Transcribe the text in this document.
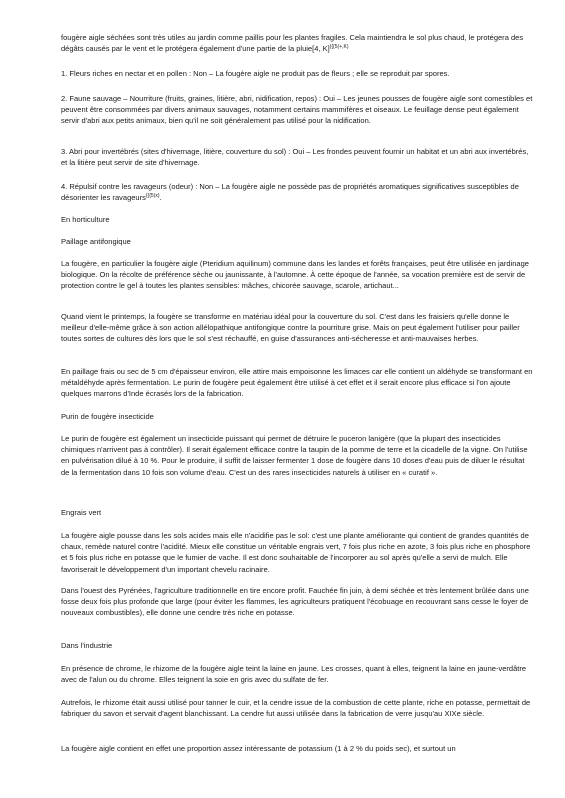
fougère aigle séchées sont très utiles au jardin comme paillis pour les plantes fragiles. Cela maintiendra le sol plus chaud, le protégera des dégâts causés par le vent et le protégera également d'une partie de la pluie[4, K]$^{\{\{\{5(+,K)}$

1. Fleurs riches en nectar et en pollen : Non – La fougère aigle ne produit pas de fleurs ; elle se reproduit par spores.

2. Faune sauvage – Nourriture (fruits, graines, litière, abri, nidification, repos) : Oui – Les jeunes pousses de fougère aigle sont comestibles et peuvent être consommées par divers animaux sauvages, notamment certains mammifères et oiseaux. Le feuillage dense peut également servir d'abri aux petits animaux, bien qu'il ne soit généralement pas utilisé pour la nidification.

3. Abri pour invertébrés (sites d'hivernage, litière, couverture du sol) : Oui – Les frondes peuvent fournir un habitat et un abri aux invertébrés, et la litière peut servir de site d'hivernage.

4. Répulsif contre les ravageurs (odeur) : Non – La fougère aigle ne possède pas de propriétés aromatiques significatives susceptibles de désorienter les ravageurs$^{\{\{\{5(x)}$.

En horticulture

Paillage antifongique

La fougère, en particulier la fougère aigle (Pteridium aquilinum) commune dans les landes et forêts françaises, peut être utilisée en jardinage biologique. On la récolte de préférence sèche ou jaunissante, à l'automne. À cette époque de l'année, sa vocation première est de servir de protection contre le gel à toutes les plantes sensibles: mâches, chicorée sauvage, scarole, artichaut...

Quand vient le printemps, la fougère se transforme en matériau idéal pour la couverture du sol. C'est dans les fraisiers qu'elle donne le meilleur d'elle-même grâce à son action allélopathique antifongique contre la pourriture grise. Mais on peut également l'utiliser pour pailler toutes sortes de cultures dès lors que le sol s'est réchauffé, en guise d'assurances anti-sécheresse et anti-mauvaises herbes.

En paillage frais ou sec de 5 cm d'épaisseur environ, elle attire mais empoisonne les limaces car elle contient un aldéhyde se transformant en métaldéhyde après fermentation. Le purin de fougère peut également être utilisé à cet effet et il serait encore plus efficace si l'on ajoute quelques marrons d'Inde écrasés lors de la fabrication.

Purin de fougère insecticide

Le purin de fougère est également un insecticide puissant qui permet de détruire le puceron lanigère (que la plupart des insecticides chimiques n'arrivent pas à contrôler). Il serait également efficace contre la taupin de la pomme de terre et la cicadelle de la vigne. On l'utilise en pulvérisation dilué à 10 %. Pour le produire, il suffit de laisser fermenter 1 dose de fougère dans 10 doses d'eau puis de diluer le résultat de la fermentation dans 10 fois son volume d'eau. C'est un des rares insecticides naturels à utiliser en « curatif ».

Engrais vert

La fougère aigle pousse dans les sols acides mais elle n'acidifie pas le sol: c'est une plante améliorante qui contient de grandes quantités de chaux, remède naturel contre l'acidité. Mieux elle constitue un véritable engrais vert, 7 fois plus riche en azote, 3 fois plus riche en phosphore et 5 fois plus riche en potasse que le fumier de vache. Il est donc souhaitable de l'incorporer au sol après qu'elle a servi de mulch. Elle favoriserait le développement d'un important chevelu racinaire.

Dans l'ouest des Pyrénées, l'agriculture traditionnelle en tire encore profit. Fauchée fin juin, à demi séchée et très lentement brûlée dans une fosse deux fois plus profonde que large (pour éviter les flammes, les agriculteurs pratiquent l'écobuage en recouvrant sans cesse le foyer de nouveaux combustibles), elle donne une cendre très riche en potasse.

Dans l'industrie

En présence de chrome, le rhizome de la fougère aigle teint la laine en jaune. Les crosses, quant à elles, teignent la laine en jaune-verdâtre avec de l'alun ou du chrome. Elles teignent la soie en gris avec du sulfate de fer.

Autrefois, le rhizome était aussi utilisé pour tanner le cuir, et la cendre issue de la combustion de cette plante, riche en potasse, permettait de fabriquer du savon et servait d'agent blanchissant. La cendre fut aussi utilisée dans la fabrication de verre jusqu'au XIXe siècle.

La fougère aigle contient en effet une proportion assez intéressante de potassium (1 à 2 % du poids sec), et surtout un
